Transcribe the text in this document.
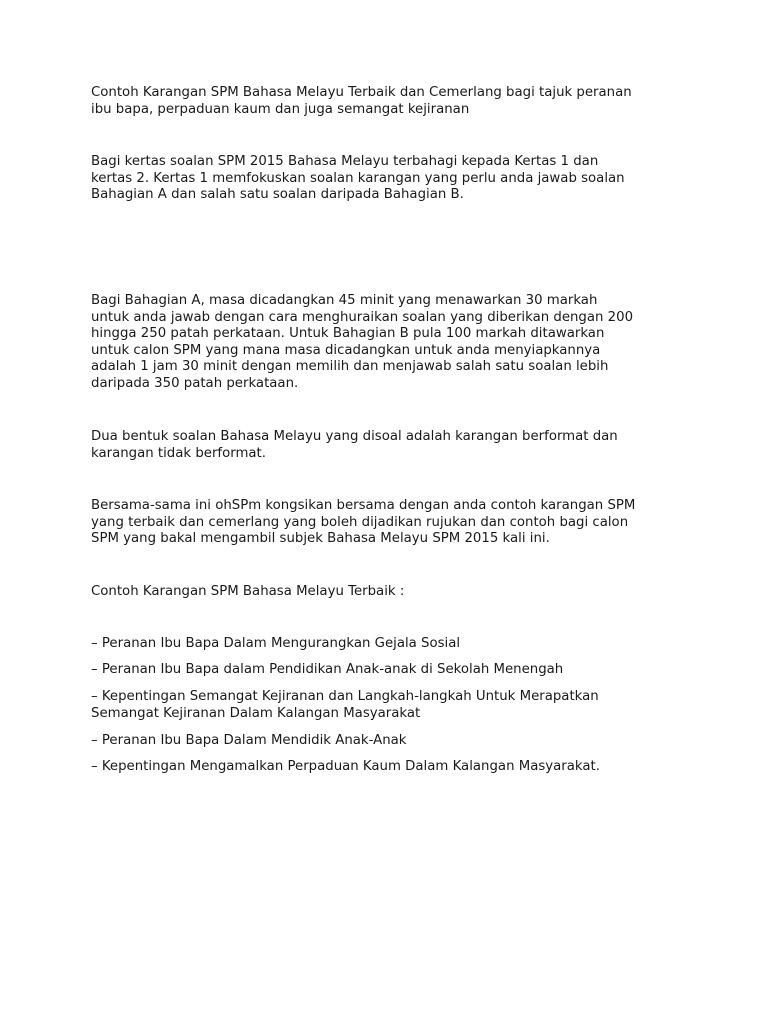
Contoh Karangan SPM Bahasa Melayu Terbaik dan Cemerlang bagi tajuk peranan
ibu bapa, perpaduan kaum dan juga semangat kejiranan

Bagi kertas soalan SPM 2015 Bahasa Melayu terbahagi kepada Kertas 1 dan
kertas 2. Kertas 1 memfokuskan soalan karangan yang perlu anda jawab soalan
Bahagian A dan salah satu soalan daripada Bahagian B.

Bagi Bahagian A, masa dicadangkan 45 minit yang menawarkan 30 markah
untuk anda jawab dengan cara menghuraikan soalan yang diberikan dengan 200
hingga 250 patah perkataan. Untuk Bahagian B pula 100 markah ditawarkan
untuk calon SPM yang mana masa dicadangkan untuk anda menyiapkannya
adalah 1 jam 30 minit dengan memilih dan menjawab salah satu soalan lebih
daripada 350 patah perkataan.

Dua bentuk soalan Bahasa Melayu yang disoal adalah karangan berformat dan
karangan tidak berformat.

Bersama-sama ini ohSPm kongsikan bersama dengan anda contoh karangan SPM
yang terbaik dan cemerlang yang boleh dijadikan rujukan dan contoh bagi calon
SPM yang bakal mengambil subjek Bahasa Melayu SPM 2015 kali ini.

Contoh Karangan SPM Bahasa Melayu Terbaik :

– Peranan Ibu Bapa Dalam Mengurangkan Gejala Sosial

– Peranan Ibu Bapa dalam Pendidikan Anak-anak di Sekolah Menengah

– Kepentingan Semangat Kejiranan dan Langkah-langkah Untuk Merapatkan
Semangat Kejiranan Dalam Kalangan Masyarakat

– Peranan Ibu Bapa Dalam Mendidik Anak-Anak

– Kepentingan Mengamalkan Perpaduan Kaum Dalam Kalangan Masyarakat.
